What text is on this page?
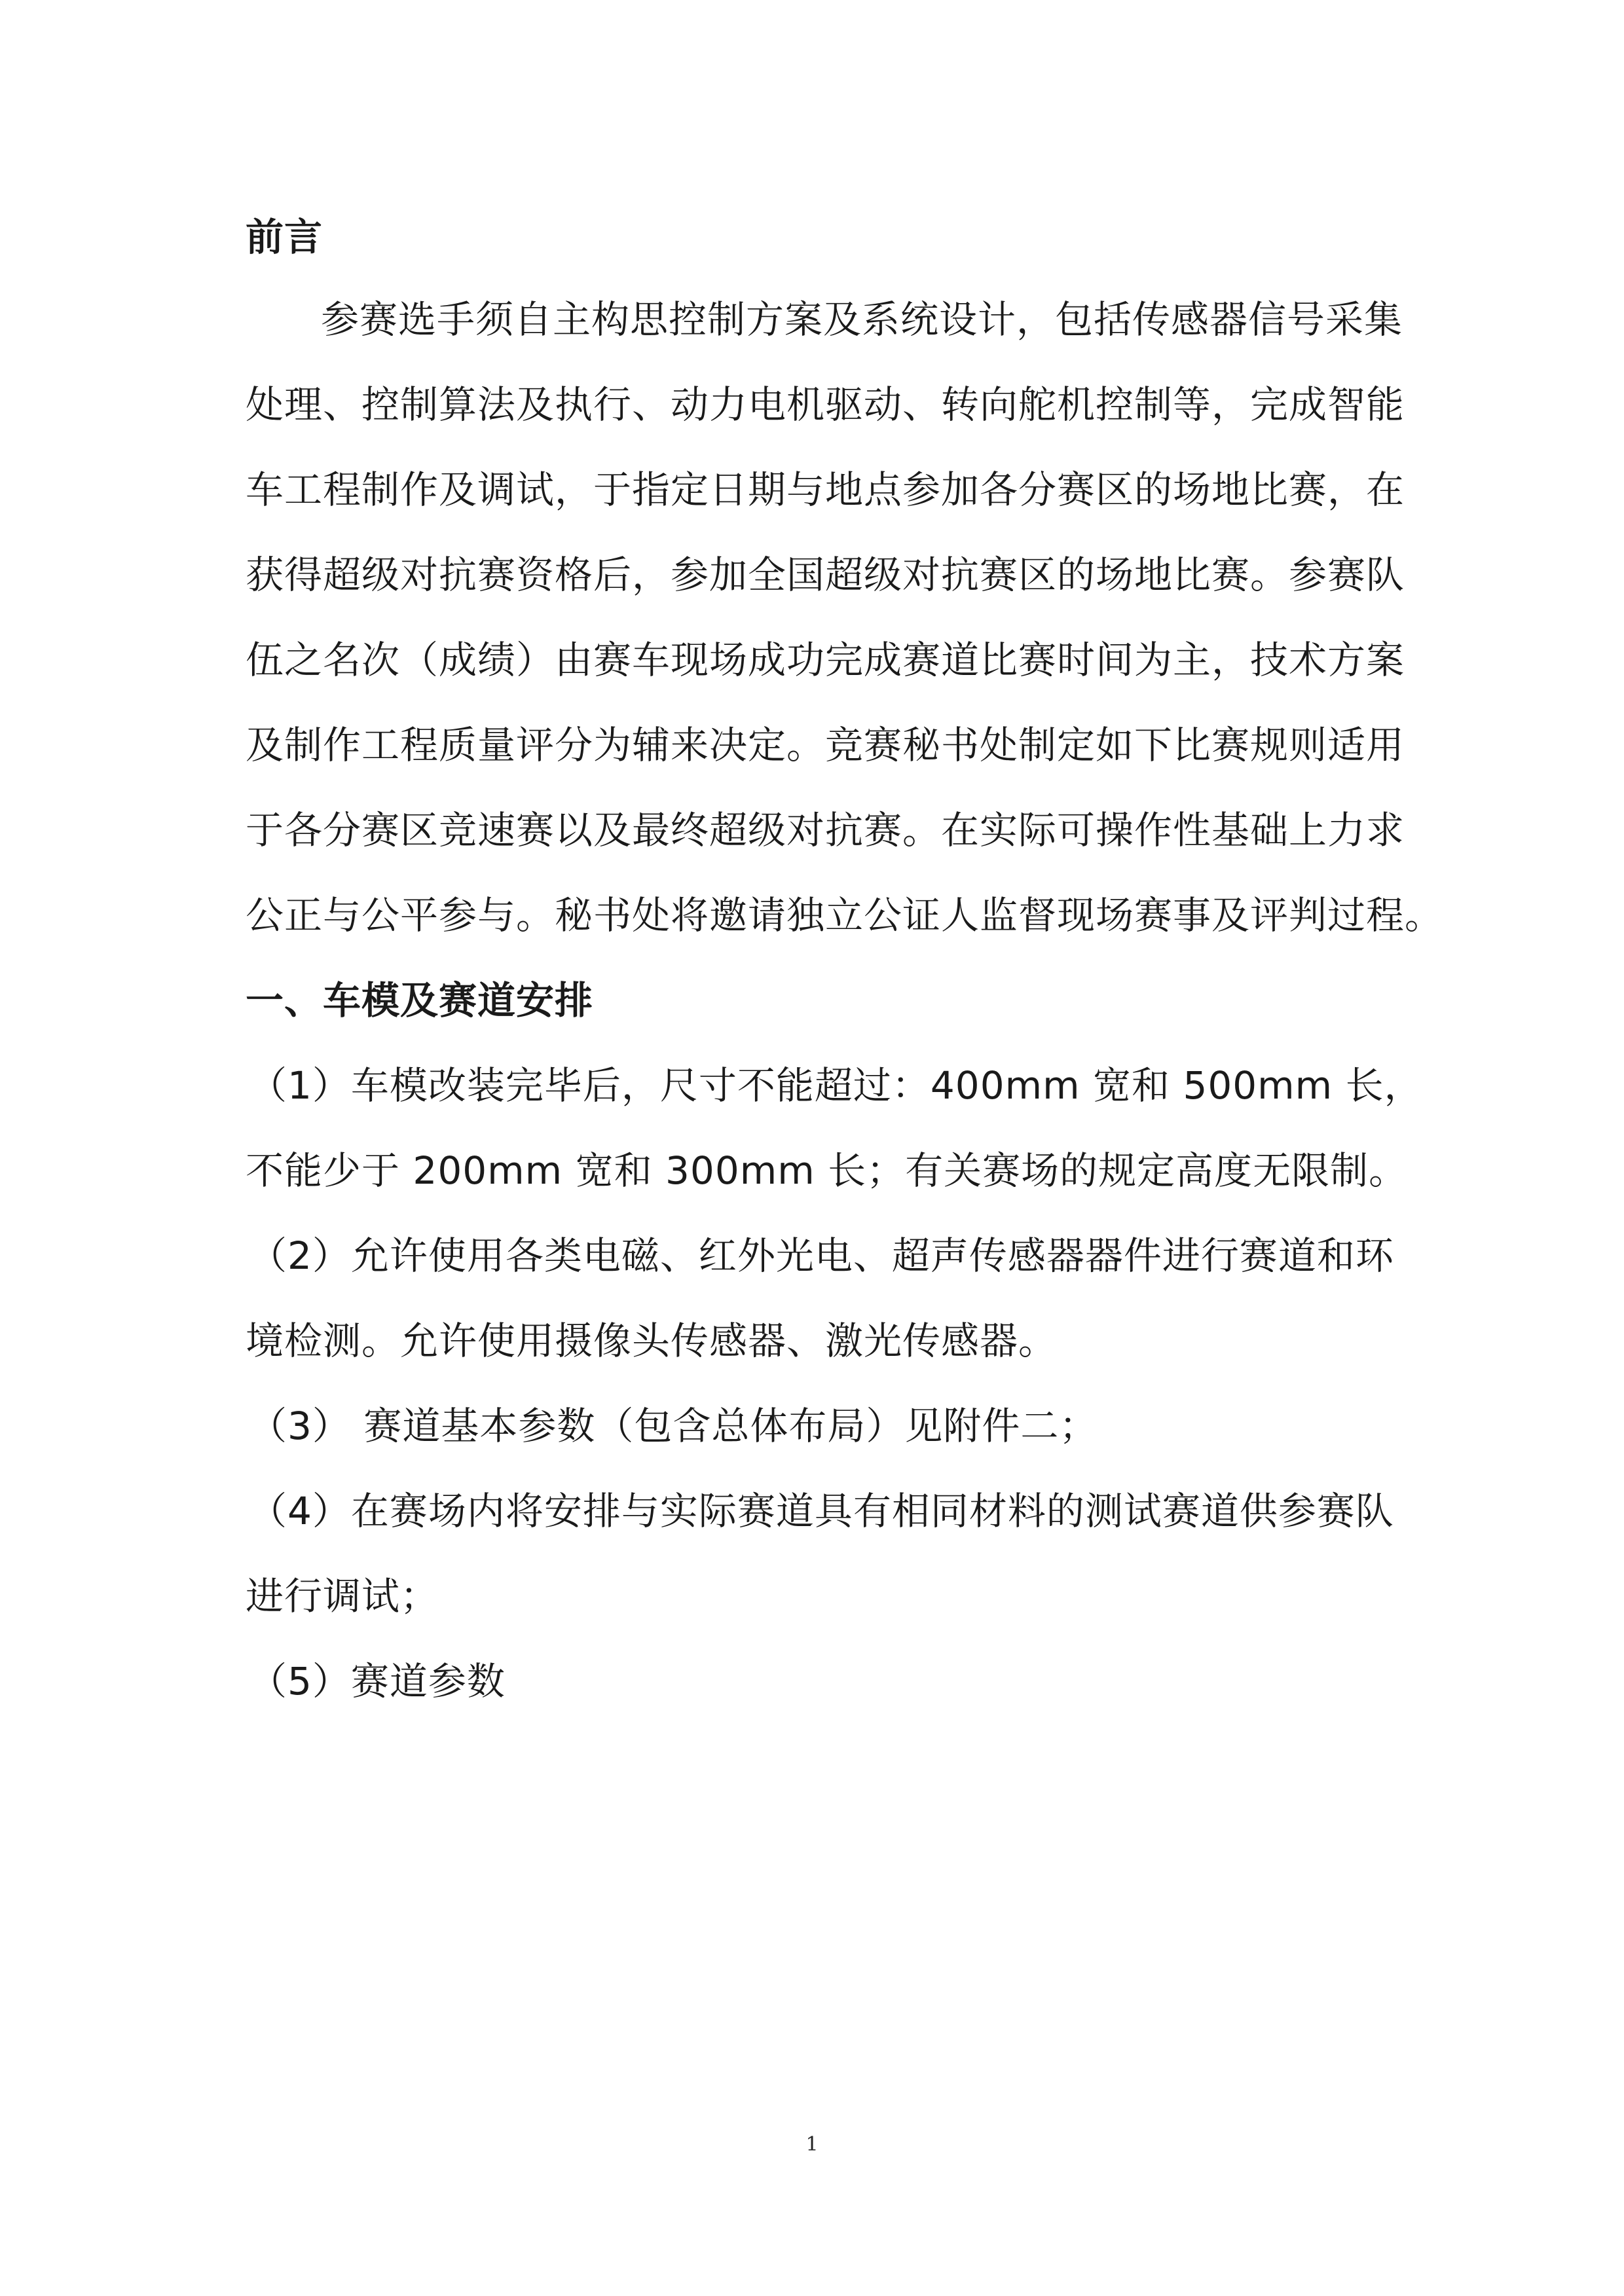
前言
参赛选手须自主构思控制方案及系统设计，包括传感器信号采集
处理、控制算法及执行、动力电机驱动、转向舵机控制等，完成智能
车工程制作及调试，于指定日期与地点参加各分赛区的场地比赛，在
获得超级对抗赛资格后，参加全国超级对抗赛区的场地比赛。参赛队
伍之名次（成绩）由赛车现场成功完成赛道比赛时间为主，技术方案
及制作工程质量评分为辅来决定。竞赛秘书处制定如下比赛规则适用
于各分赛区竞速赛以及最终超级对抗赛。在实际可操作性基础上力求
公正与公平参与。秘书处将邀请独立公证人监督现场赛事及评判过程。
一、车模及赛道安排
（1）车模改装完毕后，尺寸不能超过：400mm 宽和 500mm 长，
不能少于 200mm 宽和 300mm 长；有关赛场的规定高度无限制。
（2）允许使用各类电磁、红外光电、超声传感器器件进行赛道和环
境检测。允许使用摄像头传感器、激光传感器。
（3） 赛道基本参数（包含总体布局）见附件二；
（4）在赛场内将安排与实际赛道具有相同材料的测试赛道供参赛队
进行调试；
（5）赛道参数
1
